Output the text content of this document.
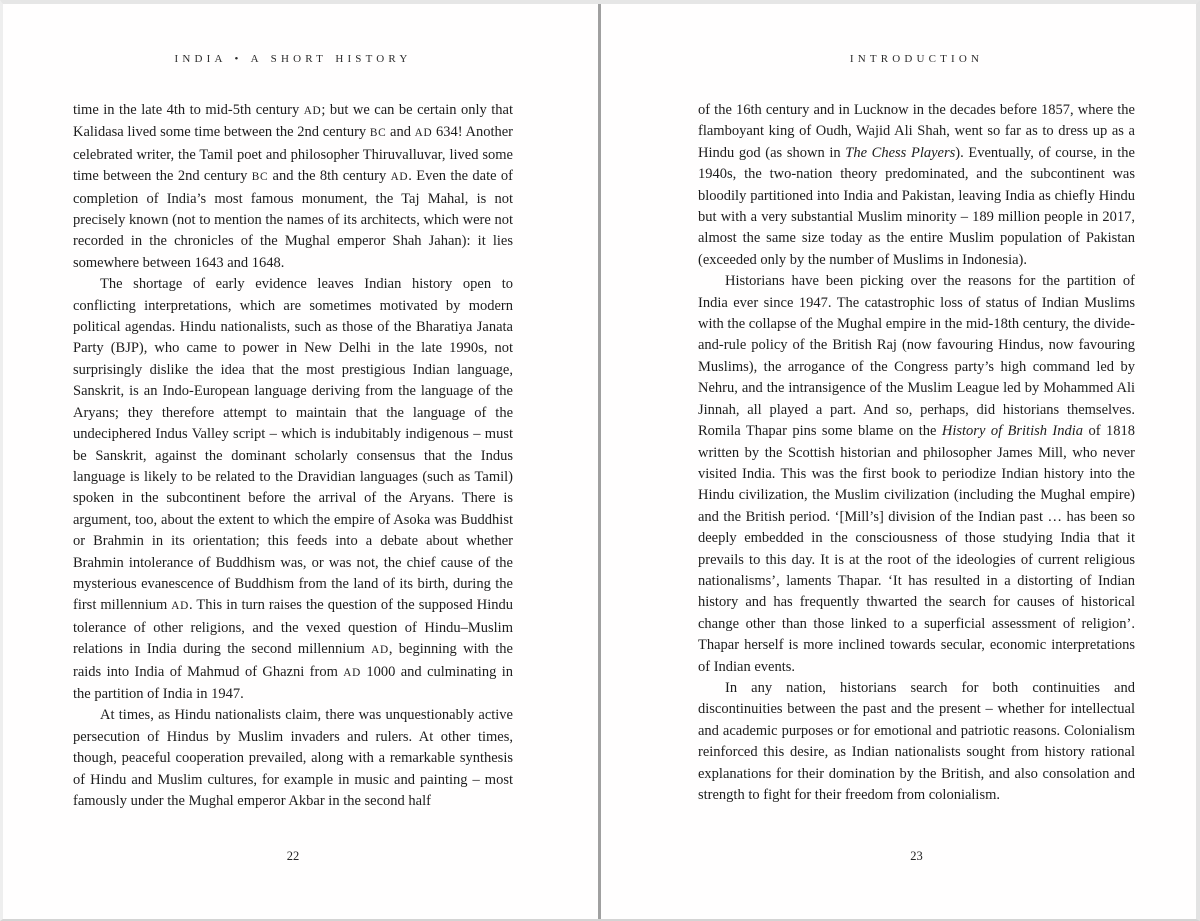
INDIA • A SHORT HISTORY

time in the late 4th to mid-5th century AD; but we can be certain only that Kalidasa lived some time between the 2nd century BC and AD 634! Another celebrated writer, the Tamil poet and philosopher Thiruvalluvar, lived some time between the 2nd century BC and the 8th century AD. Even the date of completion of India’s most famous monument, the Taj Mahal, is not precisely known (not to mention the names of its architects, which were not recorded in the chronicles of the Mughal emperor Shah Jahan): it lies somewhere between 1643 and 1648.

The shortage of early evidence leaves Indian history open to conflicting interpretations, which are sometimes motivated by modern political agendas. Hindu nationalists, such as those of the Bharatiya Janata Party (BJP), who came to power in New Delhi in the late 1990s, not surprisingly dislike the idea that the most prestigious Indian language, Sanskrit, is an Indo-European language deriving from the language of the Aryans; they therefore attempt to maintain that the language of the undeciphered Indus Valley script – which is indubitably indigenous – must be Sanskrit, against the dominant scholarly consensus that the Indus language is likely to be related to the Dravidian languages (such as Tamil) spoken in the subcontinent before the arrival of the Aryans. There is argument, too, about the extent to which the empire of Asoka was Buddhist or Brahmin in its orientation; this feeds into a debate about whether Brahmin intolerance of Buddhism was, or was not, the chief cause of the mysterious evanescence of Buddhism from the land of its birth, during the first millennium AD. This in turn raises the question of the supposed Hindu tolerance of other religions, and the vexed question of Hindu–Muslim relations in India during the second millennium AD, beginning with the raids into India of Mahmud of Ghazni from AD 1000 and culminating in the partition of India in 1947.

At times, as Hindu nationalists claim, there was unquestionably active persecution of Hindus by Muslim invaders and rulers. At other times, though, peaceful cooperation prevailed, along with a remarkable synthesis of Hindu and Muslim cultures, for example in music and painting – most famously under the Mughal emperor Akbar in the second half

22
INTRODUCTION

of the 16th century and in Lucknow in the decades before 1857, where the flamboyant king of Oudh, Wajid Ali Shah, went so far as to dress up as a Hindu god (as shown in The Chess Players). Eventually, of course, in the 1940s, the two-nation theory predominated, and the subcontinent was bloodily partitioned into India and Pakistan, leaving India as chiefly Hindu but with a very substantial Muslim minority – 189 million people in 2017, almost the same size today as the entire Muslim population of Pakistan (exceeded only by the number of Muslims in Indonesia).

Historians have been picking over the reasons for the partition of India ever since 1947. The catastrophic loss of status of Indian Muslims with the collapse of the Mughal empire in the mid-18th century, the divide-and-rule policy of the British Raj (now favouring Hindus, now favouring Muslims), the arrogance of the Congress party’s high command led by Nehru, and the intransigence of the Muslim League led by Mohammed Ali Jinnah, all played a part. And so, perhaps, did historians themselves. Romila Thapar pins some blame on the History of British India of 1818 written by the Scottish historian and philosopher James Mill, who never visited India. This was the first book to periodize Indian history into the Hindu civilization, the Muslim civilization (including the Mughal empire) and the British period. ‘[Mill’s] division of the Indian past … has been so deeply embedded in the consciousness of those studying India that it prevails to this day. It is at the root of the ideologies of current religious nationalisms’, laments Thapar. ‘It has resulted in a distorting of Indian history and has frequently thwarted the search for causes of historical change other than those linked to a superficial assessment of religion’. Thapar herself is more inclined towards secular, economic interpretations of Indian events.

In any nation, historians search for both continuities and discontinuities between the past and the present – whether for intellectual and academic purposes or for emotional and patriotic reasons. Colonialism reinforced this desire, as Indian nationalists sought from history rational explanations for their domination by the British, and also consolation and strength to fight for their freedom from colonialism.

23
